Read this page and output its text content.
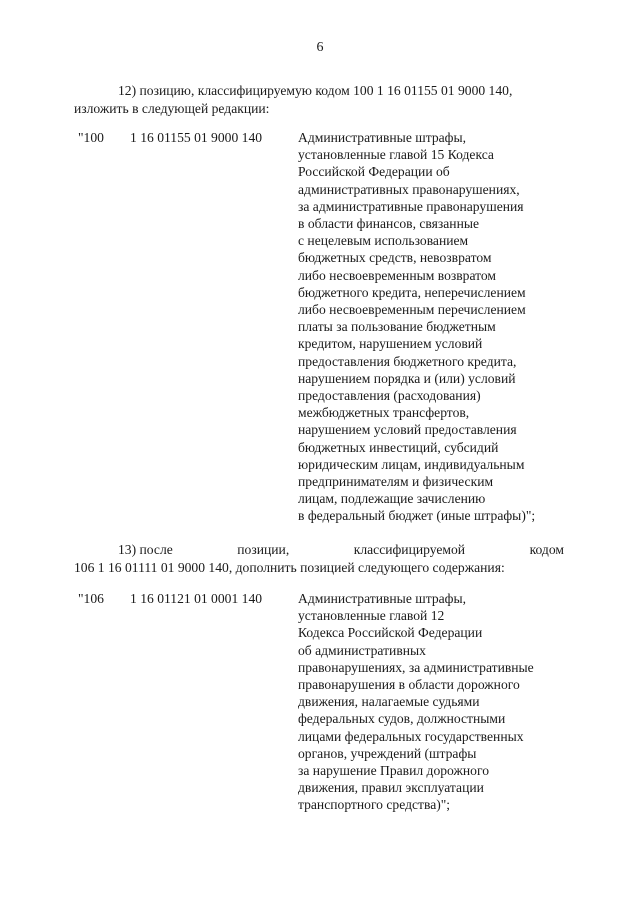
6
12) позицию, классифицируемую кодом 100 1 16 01155 01 9000 140,
изложить в следующей редакции:
"100 1 16 01155 01 9000 140	Административные штрафы,
установленные главой 15 Кодекса
Российской Федерации об
административных правонарушениях,
за административные правонарушения
в области финансов, связанные
с нецелевым использованием
бюджетных средств, невозвратом
либо несвоевременным возвратом
бюджетного кредита, неперечислением
либо несвоевременным перечислением
платы за пользование бюджетным
кредитом, нарушением условий
предоставления бюджетного кредита,
нарушением порядка и (или) условий
предоставления (расходования)
межбюджетных трансфертов,
нарушением условий предоставления
бюджетных инвестиций, субсидий
юридическим лицам, индивидуальным
предпринимателям и физическим
лицам, подлежащие зачислению
в федеральный бюджет (иные штрафы)";
13) после	позиции,	классифицируемой	кодом
106 1 16 01111 01 9000 140, дополнить позицией следующего содержания:
"106 1 16 01121 01 0001 140	Административные штрафы,
установленные главой 12
Кодекса Российской Федерации
об административных
правонарушениях, за административные
правонарушения в области дорожного
движения, налагаемые судьями
федеральных судов, должностными
лицами федеральных государственных
органов, учреждений (штрафы
за нарушение Правил дорожного
движения, правил эксплуатации
транспортного средства)";
